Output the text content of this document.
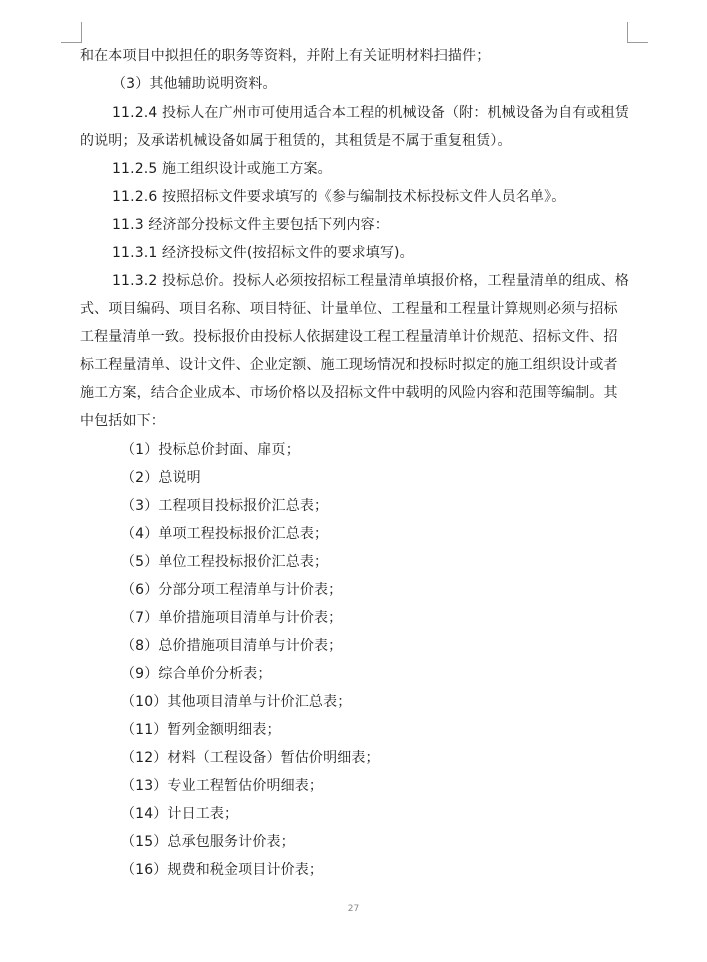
和在本项目中拟担任的职务等资料，并附上有关证明材料扫描件；
（3）其他辅助说明资料。
11.2.4 投标人在广州市可使用适合本工程的机械设备（附：机械设备为自有或租赁
的说明；及承诺机械设备如属于租赁的，其租赁是不属于重复租赁）。
11.2.5 施工组织设计或施工方案。
11.2.6 按照招标文件要求填写的《参与编制技术标投标文件人员名单》。
11.3 经济部分投标文件主要包括下列内容：
11.3.1 经济投标文件(按招标文件的要求填写)。
11.3.2 投标总价。投标人必须按招标工程量清单填报价格，工程量清单的组成、格
式、项目编码、项目名称、项目特征、计量单位、工程量和工程量计算规则必须与招标
工程量清单一致。投标报价由投标人依据建设工程工程量清单计价规范、招标文件、招
标工程量清单、设计文件、企业定额、施工现场情况和投标时拟定的施工组织设计或者
施工方案，结合企业成本、市场价格以及招标文件中载明的风险内容和范围等编制。其
中包括如下：
（1）投标总价封面、扉页；
（2）总说明
（3）工程项目投标报价汇总表；
（4）单项工程投标报价汇总表；
（5）单位工程投标报价汇总表；
（6）分部分项工程清单与计价表；
（7）单价措施项目清单与计价表；
（8）总价措施项目清单与计价表；
（9）综合单价分析表；
（10）其他项目清单与计价汇总表；
（11）暂列金额明细表；
（12）材料（工程设备）暂估价明细表；
（13）专业工程暂估价明细表；
（14）计日工表；
（15）总承包服务计价表；
（16）规费和税金项目计价表；
27
